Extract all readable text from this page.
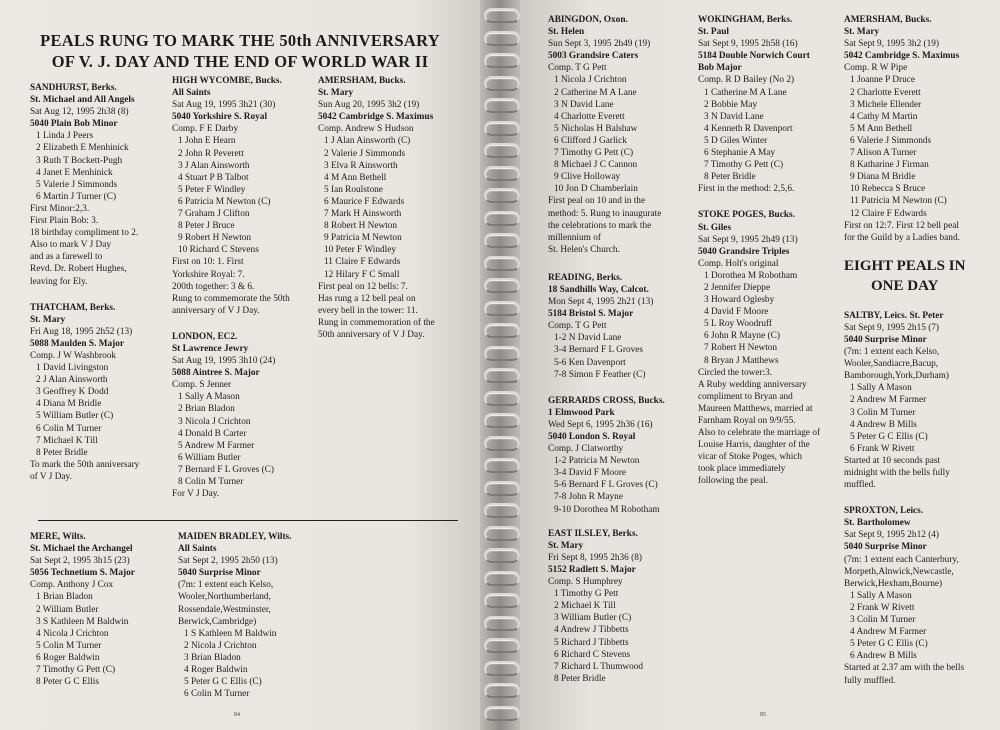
PEALS RUNG TO MARK THE 50th ANNIVERSARY
OF V. J. DAY AND THE END OF WORLD WAR II
SANDHURST, Berks.
St. Michael and All Angels
Sat Aug 12, 1995 2h38 (8)
5040 Plain Bob Minor
1 Linda J Peers
2 Elizabeth E Menhinick
3 Ruth T Bockett-Pugh
4 Janet E Menhinick
5 Valerie J Simmonds
6 Martin J Turner (C)
First Minor:2,3.
First Plain Bob: 3.
18 birthday compliment to 2.
Also to mark V J Day
and as a farewell to
Revd. Dr. Robert Hughes,
leaving for Ely.
THATCHAM, Berks.
St. Mary
Fri Aug 18, 1995 2h52 (13)
5088 Maulden S. Major
Comp. J W Washbrook
1 David Livingston
2 J Alan Ainsworth
3 Geoffrey K Dodd
4 Diana M Bridle
5 William Butler (C)
6 Colin M Turner
7 Michael K Till
8 Peter Bridle
To mark the 50th anniversary
of V J Day.
HIGH WYCOMBE, Bucks.
All Saints
Sat Aug 19, 1995 3h21 (30)
5040 Yorkshire S. Royal
Comp. F E Darby
1 John E Hearn
2 John R Peverett
3 J Alan Ainsworth
4 Stuart P B Talbot
5 Peter F Windley
6 Patricia M Newton (C)
7 Graham J Clifton
8 Peter J Bruce
9 Robert H Newton
10 Richard C Stevens
First on 10: 1. First
Yorkshire Royal: 7.
200th together: 3 & 6.
Rung to commemorate the 50th
anniversary of V J Day.
LONDON, EC2.
St Lawrence Jewry
Sat Aug 19, 1995 3h10 (24)
5088 Aintree S. Major
Comp. S Jenner
1 Sally A Mason
2 Brian Bladon
3 Nicola J Crichton
4 Donald B Carter
5 Andrew M Farmer
6 William Butler
7 Bernard F L Groves (C)
8 Colin M Turner
For V J Day.
AMERSHAM, Bucks.
St. Mary
Sun Aug 20, 1995 3h2 (19)
5042 Cambridge S. Maximus
Comp. Andrew S Hudson
1 J Alan Ainsworth (C)
2 Valerie J Simmonds
3 Elva R Ainsworth
4 M Ann Bethell
5 Ian Roulstone
6 Maurice F Edwards
7 Mark H Ainsworth
8 Robert H Newton
9 Patricia M Newton
10 Peter F Windley
11 Claire F Edwards
12 Hilary F C Small
First peal on 12 bells: 7.
Has rung a 12 bell peal on
every bell in the tower: 11.
Rung in commemoration of the
50th anniversary of V J Day.
MERE, Wilts.
St. Michael the Archangel
Sat Sept 2, 1995 3h15 (23)
5056 Technetium S. Major
Comp. Anthony J Cox
1 Brian Bladon
2 William Butler
3 S Kathleen M Baldwin
4 Nicola J Crichton
5 Colin M Turner
6 Roger Baldwin
7 Timothy G Pett (C)
8 Peter G C Ellis
MAIDEN BRADLEY, Wilts.
All Saints
Sat Sept 2, 1995 2h50 (13)
5040 Surprise Minor
(7m: 1 extent each Kelso,
Wooler,Northumberland,
Rossendale,Westminster,
Berwick,Cambridge)
1 S Kathleen M Baldwin
2 Nicola J Crichton
3 Brian Bladon
4 Roger Baldwin
5 Peter G C Ellis (C)
6 Colin M Turner
84
ABINGDON, Oxon.
St. Helen
Sun Sept 3, 1995 2h49 (19)
5003 Grandsire Caters
Comp. T G Pett
1 Nicola J Crichton
2 Catherine M A Lane
3 N David Lane
4 Charlotte Everett
5 Nicholas H Balshaw
6 Clifford J Garlick
7 Timothy G Pett (C)
8 Michael J C Cannon
9 Clive Holloway
10 Jon D Chamberlain
First peal on 10 and in the
method: 5. Rung to inaugurate
the celebrations to mark the
millennium of
St. Helen's Church.
READING, Berks.
18 Sandhills Way, Calcot.
Mon Sept 4, 1995 2h21 (13)
5184 Bristol S. Major
Comp. T G Pett
1-2 N David Lane
3-4 Bernard F L Groves
5-6 Ken Davenport
7-8 Simon F Feather (C)
GERRARDS CROSS, Bucks.
1 Elmwood Park
Wed Sept 6, 1995 2h36 (16)
5040 London S. Royal
Comp. J Clatworthy
1-2 Patricia M Newton
3-4 David F Moore
5-6 Bernard F L Groves (C)
7-8 John R Mayne
9-10 Dorothea M Robotham
EAST ILSLEY, Berks.
St. Mary
Fri Sept 8, 1995 2h36 (8)
5152 Radlett S. Major
Comp. S Humphrey
1 Timothy G Pett
2 Michael K Till
3 William Butler (C)
4 Andrew J Tibbetts
5 Richard J Tibbetts
6 Richard C Stevens
7 Richard L Thumwood
8 Peter Bridle
WOKINGHAM, Berks.
St. Paul
Sat Sept 9, 1995 2h58 (16)
5184 Double Norwich Court
Bob Major
Comp. R D Bailey (No 2)
1 Catherine M A Lane
2 Bobbie May
3 N David Lane
4 Kenneth R Davenport
5 D Giles Winter
6 Stephanie A May
7 Timothy G Pett (C)
8 Peter Bridle
First in the method: 2,5,6.
STOKE POGES, Bucks.
St. Giles
Sat Sept 9, 1995 2h49 (13)
5040 Grandsire Triples
Comp. Holt's original
1 Dorothea M Robotham
2 Jennifer Dieppe
3 Howard Oglesby
4 David F Moore
5 L Roy Woodruff
6 John R Mayne (C)
7 Robert H Newton
8 Bryan J Matthews
Circled the tower:3.
A Ruby wedding anniversary
compliment to Bryan and
Maureen Matthews, married at
Farnham Royal on 9/9/55.
Also to celebrate the marriage of
Louise Harris, daughter of the
vicar of Stoke Poges, which
took place immediately
following the peal.
AMERSHAM, Bucks.
St. Mary
Sat Sept 9, 1995 3h2 (19)
5042 Cambridge S. Maximus
Comp. R W Pipe
1 Joanne P Druce
2 Charlotte Everett
3 Michele Ellender
4 Cathy M Martin
5 M Ann Bethell
6 Valerie J Simmonds
7 Alison A Turner
8 Katharine J Firman
9 Diana M Bridle
10 Rebecca S Bruce
11 Patricia M Newton (C)
12 Claire F Edwards
First on 12:7. First 12 bell peal
for the Guild by a Ladies band.
EIGHT PEALS IN
ONE DAY
SALTBY, Leics. St. Peter
Sat Sept 9, 1995 2h15 (7)
5040 Surprise Minor
(7m: 1 extent each Kelso,
Wooler,Sandiacre,Bacup,
Bamborough,York,Durham)
1 Sally A Mason
2 Andrew M Farmer
3 Colin M Turner
4 Andrew B Mills
5 Peter G C Ellis (C)
6 Frank W Rivett
Started at 10 seconds past
midnight with the bells fully
muffled.
SPROXTON, Leics.
St. Bartholomew
Sat Sept 9, 1995 2h12 (4)
5040 Surprise Minor
(7m: 1 extent each Canterbury,
Morpeth,Alnwick,Newcastle,
Berwick,Hexham,Bourne)
1 Sally A Mason
2 Frank W Rivett
3 Colin M Turner
4 Andrew M Farmer
5 Peter G C Ellis (C)
6 Andrew B Mills
Started at 2.37 am with the bells
fully muffled.
85
